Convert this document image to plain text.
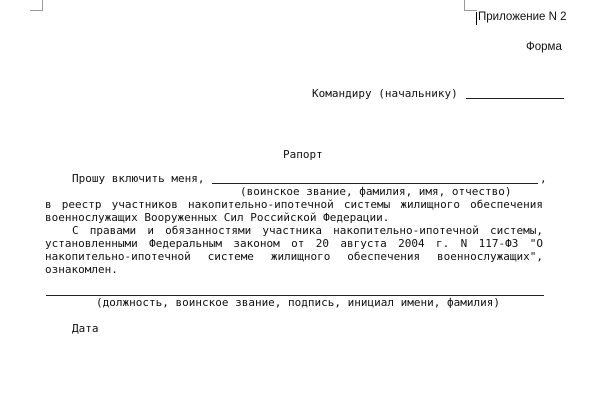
Приложение N 2
Форма
Командиру (начальнику)
Рапорт
Прошу включить меня,	,
(воинское звание, фамилия, имя, отчество)
в реестр участников накопительно-ипотечной системы жилищного обеспечения
военнослужащих Вооруженных Сил Российской Федерации.
С правами и обязанностями участника накопительно-ипотечной системы,
установленными Федеральным законом от 20 августа 2004 г. N 117-ФЗ "О
накопительно-ипотечной системе жилищного обеспечения военнослужащих",
ознакомлен.
(должность, воинское звание, подпись, инициал имени, фамилия)
Дата
